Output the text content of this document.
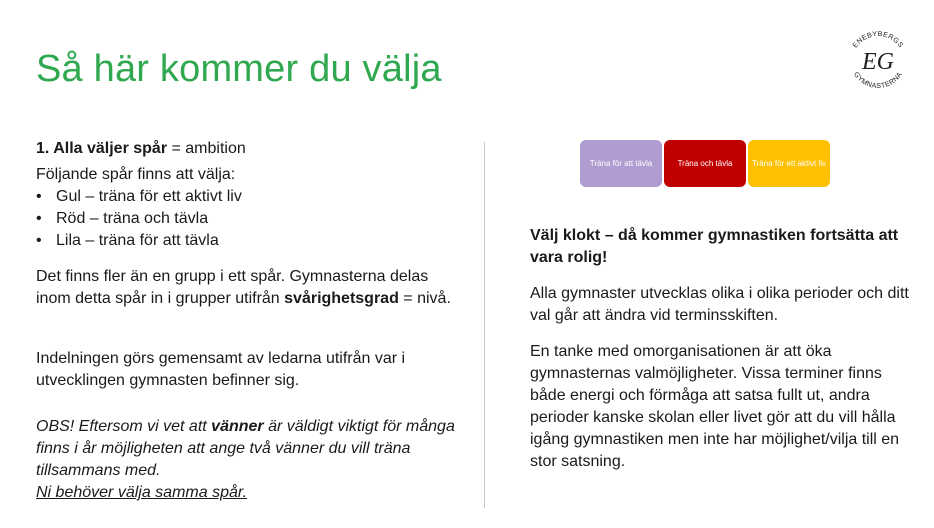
Så här kommer du välja
ENEBYBERGS
GYMNASTERNA
EG

1. Alla väljer spår = ambition

Följande spår finns att välja:

• Gul – träna för ett aktivt liv
• Röd – träna och tävla
• Lila – träna för att tävla

Det finns fler än en grupp i ett spår. Gymnasterna delas inom detta spår in i grupper utifrån svårighetsgrad = nivå.

Indelningen görs gemensamt av ledarna utifrån var i utvecklingen gymnasten befinner sig.

OBS! Eftersom vi vet att vänner är väldigt viktigt för många finns i år möjligheten att ange två vänner du vill träna tillsammans med.
Ni behöver välja samma spår.

Träna för att tävla	Träna och tävla	Träna för ett aktivt liv

Välj klokt – då kommer gymnastiken fortsätta att vara rolig!

Alla gymnaster utvecklas olika i olika perioder och ditt val går att ändra vid terminsskiften.

En tanke med omorganisationen är att öka gymnasternas valmöjligheter. Vissa terminer finns både energi och förmåga att satsa fullt ut, andra perioder kanske skolan eller livet gör att du vill hålla igång gymnastiken men inte har möjlighet/vilja till en stor satsning.
